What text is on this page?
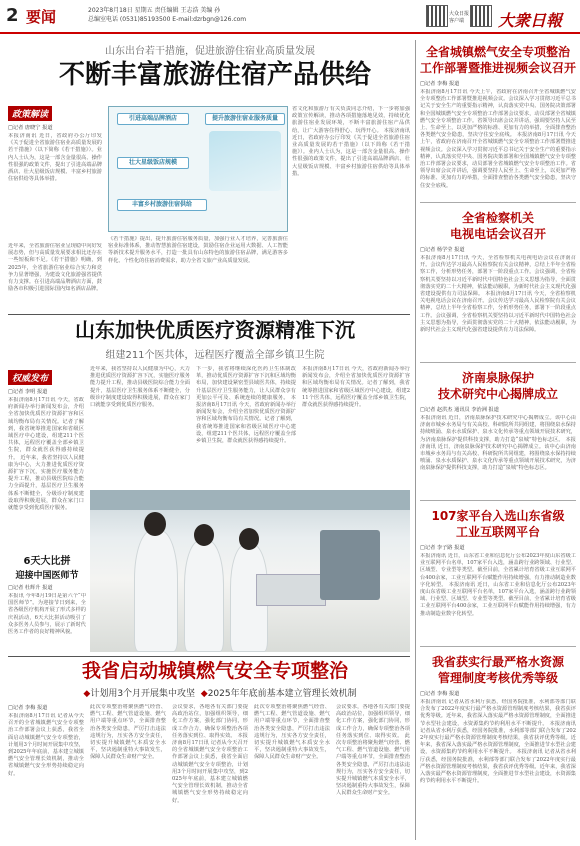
2 要闻	2023年8月18日 星期五 责任编辑 王志浩 美编 孙
总编室电话 (0531)85193500 E-mail:dzrbgn@126.com
大众日报客户端	大衆日報
山东出台若干措施，促进旅游住宿业高质量发展
不断丰富旅游住宿产品供给
政策解读
□记者 唐晓宁 报道
本报济南讯 近日，省政府办公厅印发《关于促进全省旅游住宿业高质量发展的若干措施》（以下简称《若干措施》）。业内人士认为，这是一部含金量很高、操作性很强的政策文件，提出了引进高端品牌酒店、壮大星级饭店规模、丰富乡村旅游住宿供给等具体举措。
近年来，全省旅游住宿业呈现稳中向好发展态势，但与高质量发展要求相比还存在一些短板和不足。《若干措施》明确，到2025年，全省旅游住宿业综合实力和竞争力显著增强，为建设文化旅游强省提供有力支撑。在引进高端品牌酒店方面，鼓励各市积极引进国际国内知名酒店品牌。
引进高端品牌酒店
壮大星级饭店规模
丰富乡村旅游住宿供给
提升旅游住宿业服务质量
《若干措施》提出，提升旅游住宿服务质量，加强行业人才培养，完善旅游住宿业标准体系，推动智慧旅游住宿建设，鼓励住宿企业运用大数据、人工智能等新技术提升服务水平，打造一批具有山东特色的旅游住宿品牌，满足游客多样化、个性化的住宿消费需求，助力全省文旅产业高质量发展。
省文化和旅游厅有关负责同志介绍，下一步将加强政策宣传解读，推动各项措施落地见效，持续优化旅游住宿业发展环境，不断丰富旅游住宿产品供给，让广大游客住得舒心、玩得开心。 本报济南讯 近日，省政府办公厅印发《关于促进全省旅游住宿业高质量发展的若干措施》（以下简称《若干措施》）。业内人士认为，这是一部含金量很高、操作性很强的政策文件，提出了引进高端品牌酒店、壮大星级饭店规模、丰富乡村旅游住宿供给等具体举措。
山东加快优质医疗资源精准下沉
组建211个医共体，远程医疗覆盖全部乡镇卫生院
权威发布
□记者 李明 报道
本报济南8月17日讯 今天，省政府新闻办举行新闻发布会，介绍全省加快优质医疗资源扩容和区域均衡布局有关情况。记者了解到，我省统筹推进国家和省级区域医疗中心建设，组建211个医共体，远程医疗覆盖全部乡镇卫生院，群众就医获得感持续提升。 近年来，我省坚持以人民健康为中心，大力推进优质医疗资源扩容下沉，实施医疗服务能力提升工程，推动县级医院综合能力全面提升，基层医疗卫生服务体系不断健全，分级诊疗制度建设取得积极进展，群众在家门口就能享受到优质医疗服务。
近年来，我省坚持以人民健康为中心，大力推进优质医疗资源扩容下沉，实施医疗服务能力提升工程，推动县级医院综合能力全面提升，基层医疗卫生服务体系不断健全，分级诊疗制度建设取得积极进展，群众在家门口就能享受到优质医疗服务。
下一步，我省将继续深化医药卫生体制改革，推动优质医疗资源扩容下沉和区域均衡布局，加快建设紧密型县域医共体，持续提升基层医疗卫生服务能力，让人民群众享有更加公平可及、系统连续的健康服务。 本报济南8月17日讯 今天，省政府新闻办举行新闻发布会，介绍全省加快优质医疗资源扩容和区域均衡布局有关情况。记者了解到，我省统筹推进国家和省级区域医疗中心建设，组建211个医共体，远程医疗覆盖全部乡镇卫生院，群众就医获得感持续提升。
本报济南8月17日讯 今天，省政府新闻办举行新闻发布会，介绍全省加快优质医疗资源扩容和区域均衡布局有关情况。记者了解到，我省统筹推进国家和省级区域医疗中心建设，组建211个医共体，远程医疗覆盖全部乡镇卫生院，群众就医获得感持续提升。
6天大比拼
迎接中国医师节
□记者 杜辉升 报道
本报讯 今年8月19日是第六个“中国医师节”。为迎接节日到来，全省各级医疗机构开展了形式多样的庆祝活动，6天大比拼活动吸引了众多医务人员参与，展示了新时代医务工作者的良好精神风貌。
我省启动城镇燃气安全专项整治
◆计划用3个月开展集中攻坚 ◆2025年年底前基本建立管理长效机制
□记者 李梅 报道
本报济南8月17日讯 记者从今天召开的全省城镇燃气安全专项整治工作部署会议上获悉，我省全面启动城镇燃气安全专项整治，计划用3个月时间开展集中攻坚，到2025年年底前，基本建立城镇燃气安全管理长效机制，推动全省城镇燃气安全形势持续稳定向好。
此次专项整治将聚焦燃气经营、燃气工程、燃气管道设施、燃气用户端等重点环节，全面排查整治各类安全隐患，严厉打击违法违规行为，压实各方安全责任，切实提升城镇燃气本质安全水平，坚决遏制重特大事故发生，保障人民群众生命财产安全。
会议要求，各地各有关部门要提高政治站位，加强组织领导，细化工作方案，强化部门协同，形成工作合力，确保专项整治各项任务落实到位、取得实效。 本报济南8月17日讯 记者从今天召开的全省城镇燃气安全专项整治工作部署会议上获悉，我省全面启动城镇燃气安全专项整治，计划用3个月时间开展集中攻坚，到2025年年底前，基本建立城镇燃气安全管理长效机制，推动全省城镇燃气安全形势持续稳定向好。
此次专项整治将聚焦燃气经营、燃气工程、燃气管道设施、燃气用户端等重点环节，全面排查整治各类安全隐患，严厉打击违法违规行为，压实各方安全责任，切实提升城镇燃气本质安全水平，坚决遏制重特大事故发生，保障人民群众生命财产安全。
会议要求，各地各有关部门要提高政治站位，加强组织领导，细化工作方案，强化部门协同，形成工作合力，确保专项整治各项任务落实到位、取得实效。 此次专项整治将聚焦燃气经营、燃气工程、燃气管道设施、燃气用户端等重点环节，全面排查整治各类安全隐患，严厉打击违法违规行为，压实各方安全责任，切实提升城镇燃气本质安全水平，坚决遏制重特大事故发生，保障人民群众生命财产安全。
全省城镇燃气安全专项整治
工作部署暨推进视频会议召开
□记者 李梅 报道
本报济南8月17日讯 今天上午，省政府在济南召开全省城镇燃气安全专项整治工作部署暨推进视频会议。会议深入学习贯彻习近平总书记关于安全生产的重要指示精神，认真落实党中央、国务院决策部署和全国城镇燃气安全专项整治工作部署会议要求，动员部署全省城镇燃气安全专项整治工作。省领导出席会议并讲话，强调要坚持人民至上、生命至上，以更加严格的标准、更加有力的举措，全面排查整治各类燃气安全隐患，坚决守住安全底线。 本报济南8月17日讯 今天上午，省政府在济南召开全省城镇燃气安全专项整治工作部署暨推进视频会议。会议深入学习贯彻习近平总书记关于安全生产的重要指示精神，认真落实党中央、国务院决策部署和全国城镇燃气安全专项整治工作部署会议要求，动员部署全省城镇燃气安全专项整治工作。省领导出席会议并讲话，强调要坚持人民至上、生命至上，以更加严格的标准、更加有力的举措，全面排查整治各类燃气安全隐患，坚决守住安全底线。
全省检察机关
电视电话会议召开
□记者 杨学莹 报道
本报济南8月17日讯 今天，全省检察机关电视电话会议在济南召开。会议传达学习最高人民检察院有关会议精神，总结上半年全省检察工作，分析形势任务，部署下一阶段重点工作。会议强调，全省检察机关要坚持以习近平新时代中国特色社会主义思想为指导，全面贯彻落实党的二十大精神，依法能动履职，为新时代社会主义现代化强省建设提供有力司法保障。 本报济南8月17日讯 今天，全省检察机关电视电话会议在济南召开。会议传达学习最高人民检察院有关会议精神，总结上半年全省检察工作，分析形势任务，部署下一阶段重点工作。会议强调，全省检察机关要坚持以习近平新时代中国特色社会主义思想为指导，全面贯彻落实党的二十大精神，依法能动履职，为新时代社会主义现代化强省建设提供有力司法保障。
济南泉脉保护
技术研究中心揭牌成立
□记者 赵洪杰 通讯员 李治洲 报道
本报济南讯 近日，济南泉脉保护技术研究中心揭牌成立。该中心由济南市城乡水务局与有关高校、科研院所共同组建，将围绕泉水保持持续喷涌、泉水水质保护、泉水文化传承等重点领域开展技术研究，为济南泉脉保护提供科技支撑，助力打造“泉城”特色标志区。 本报济南讯 近日，济南泉脉保护技术研究中心揭牌成立。该中心由济南市城乡水务局与有关高校、科研院所共同组建，将围绕泉水保持持续喷涌、泉水水质保护、泉水文化传承等重点领域开展技术研究，为济南泉脉保护提供科技支撑，助力打造“泉城”特色标志区。
107家平台入选山东省级
工业互联网平台
□记者 李子路 报道
本报济南讯 近日，山东省工业和信息化厅公布2023年度山东省级工业互联网平台名单，107家平台入选，涵盖跨行业跨领域、行业型、区域型、专业型等类型。截至目前，全省累计培育省级工业互联网平台400余家，工业互联网平台赋能作用持续增强，有力推动制造业数字化转型。 本报济南讯 近日，山东省工业和信息化厅公布2023年度山东省级工业互联网平台名单，107家平台入选，涵盖跨行业跨领域、行业型、区域型、专业型等类型。截至目前，全省累计培育省级工业互联网平台400余家，工业互联网平台赋能作用持续增强，有力推动制造业数字化转型。
我省获实行最严格水资源
管理制度考核优秀等级
□记者 李梅 报道
本报济南讯 记者从省水利厅获悉，经国务院批准，水利部等部门联合发布了2022年度实行最严格水资源管理制度考核结果，我省获评优秀等级。近年来，我省深入落实最严格水资源管理制度，全面推进节水型社会建设，水资源集约节约利用水平不断提升。 本报济南讯 记者从省水利厅获悉，经国务院批准，水利部等部门联合发布了2022年度实行最严格水资源管理制度考核结果，我省获评优秀等级。近年来，我省深入落实最严格水资源管理制度，全面推进节水型社会建设，水资源集约节约利用水平不断提升。 本报济南讯 记者从省水利厅获悉，经国务院批准，水利部等部门联合发布了2022年度实行最严格水资源管理制度考核结果，我省获评优秀等级。近年来，我省深入落实最严格水资源管理制度，全面推进节水型社会建设，水资源集约节约利用水平不断提升。
